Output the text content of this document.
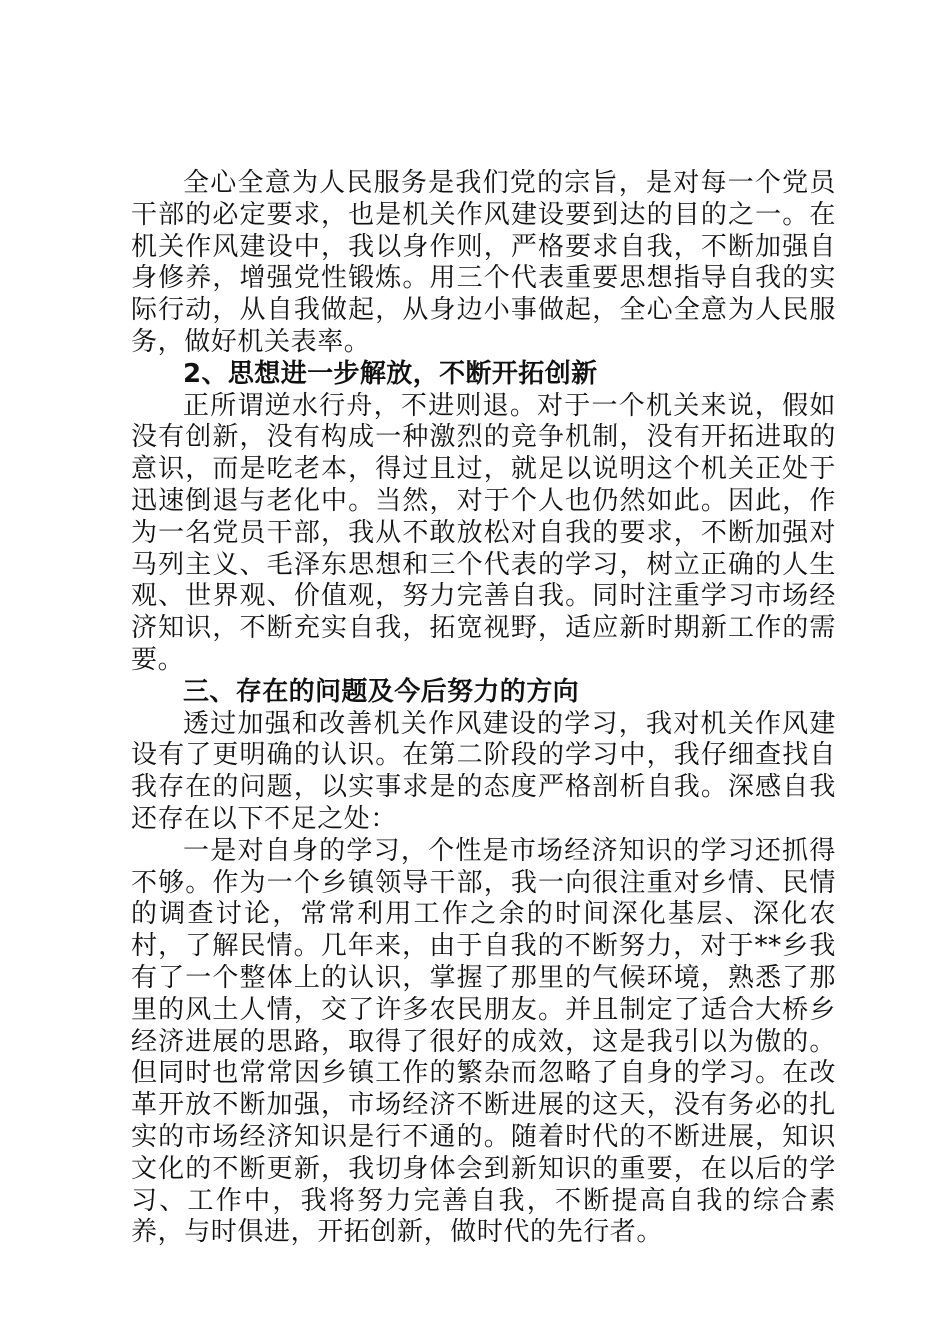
全心全意为人民服务是我们党的宗旨，是对每一个党员干部的必定要求，也是机关作风建设要到达的目的之一。在机关作风建设中，我以身作则，严格要求自我，不断加强自身修养，增强党性锻炼。用三个代表重要思想指导自我的实际行动，从自我做起，从身边小事做起，全心全意为人民服务，做好机关表率。

2、思想进一步解放，不断开拓创新

正所谓逆水行舟，不进则退。对于一个机关来说，假如没有创新，没有构成一种激烈的竞争机制，没有开拓进取的意识，而是吃老本，得过且过，就足以说明这个机关正处于迅速倒退与老化中。当然，对于个人也仍然如此。因此，作为一名党员干部，我从不敢放松对自我的要求，不断加强对马列主义、毛泽东思想和三个代表的学习，树立正确的人生观、世界观、价值观，努力完善自我。同时注重学习市场经济知识，不断充实自我，拓宽视野，适应新时期新工作的需要。

三、存在的问题及今后努力的方向

透过加强和改善机关作风建设的学习，我对机关作风建设有了更明确的认识。在第二阶段的学习中，我仔细查找自我存在的问题，以实事求是的态度严格剖析自我。深感自我还存在以下不足之处：

一是对自身的学习，个性是市场经济知识的学习还抓得不够。作为一个乡镇领导干部，我一向很注重对乡情、民情的调查讨论，常常利用工作之余的时间深化基层、深化农村，了解民情。几年来，由于自我的不断努力，对于**乡我有了一个整体上的认识，掌握了那里的气候环境，熟悉了那里的风土人情，交了许多农民朋友。并且制定了适合大桥乡经济进展的思路，取得了很好的成效，这是我引以为傲的。但同时也常常因乡镇工作的繁杂而忽略了自身的学习。在改革开放不断加强，市场经济不断进展的这天，没有务必的扎实的市场经济知识是行不通的。随着时代的不断进展，知识文化的不断更新，我切身体会到新知识的重要，在以后的学习、工作中，我将努力完善自我，不断提高自我的综合素养，与时俱进，开拓创新，做时代的先行者。
